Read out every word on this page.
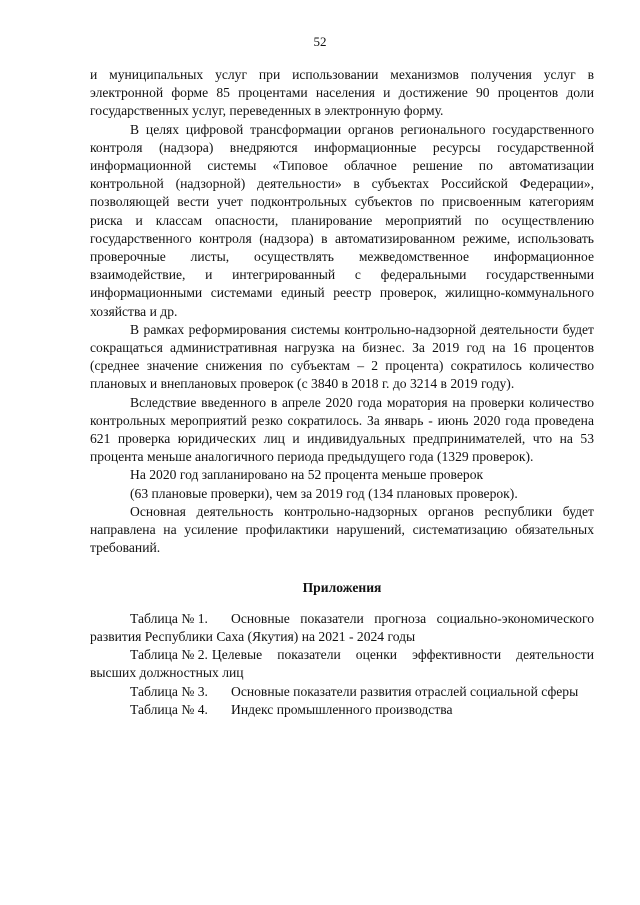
52

и муниципальных услуг при использовании механизмов получения услуг в электронной форме 85 процентами населения и достижение 90 процентов доли государственных услуг, переведенных в электронную форму.

В целях цифровой трансформации органов регионального государственного контроля (надзора) внедряются информационные ресурсы государственной информационной системы «Типовое облачное решение по автоматизации контрольной (надзорной) деятельности» в субъектах Российской Федерации», позволяющей вести учет подконтрольных субъектов по присвоенным категориям риска и классам опасности, планирование мероприятий по осуществлению государственного контроля (надзора) в автоматизированном режиме, использовать проверочные листы, осуществлять межведомственное информационное взаимодействие, и интегрированный с федеральными государственными информационными системами единый реестр проверок, жилищно-коммунального хозяйства и др.

В рамках реформирования системы контрольно-надзорной деятельности будет сокращаться административная нагрузка на бизнес. За 2019 год на 16 процентов (среднее значение снижения по субъектам – 2 процента) сократилось количество плановых и внеплановых проверок (с 3840 в 2018 г. до 3214 в 2019 году).

Вследствие введенного в апреле 2020 года моратория на проверки количество контрольных мероприятий резко сократилось. За январь - июнь 2020 года проведена 621 проверка юридических лиц и индивидуальных предпринимателей, что на 53 процента меньше аналогичного периода предыдущего года (1329 проверок).

На 2020 год запланировано на 52 процента меньше проверок

(63 плановые проверки), чем за 2019 год (134 плановых проверок).

Основная деятельность контрольно-надзорных органов республики будет направлена на усиление профилактики нарушений, систематизацию обязательных требований.

Приложения

Таблица № 1. Основные показатели прогноза социально-экономического развития Республики Саха (Якутия) на 2021 - 2024 годы

Таблица № 2. Целевые показатели оценки эффективности деятельности высших должностных лиц

Таблица № 3. Основные показатели развития отраслей социальной сферы

Таблица № 4. Индекс промышленного производства
